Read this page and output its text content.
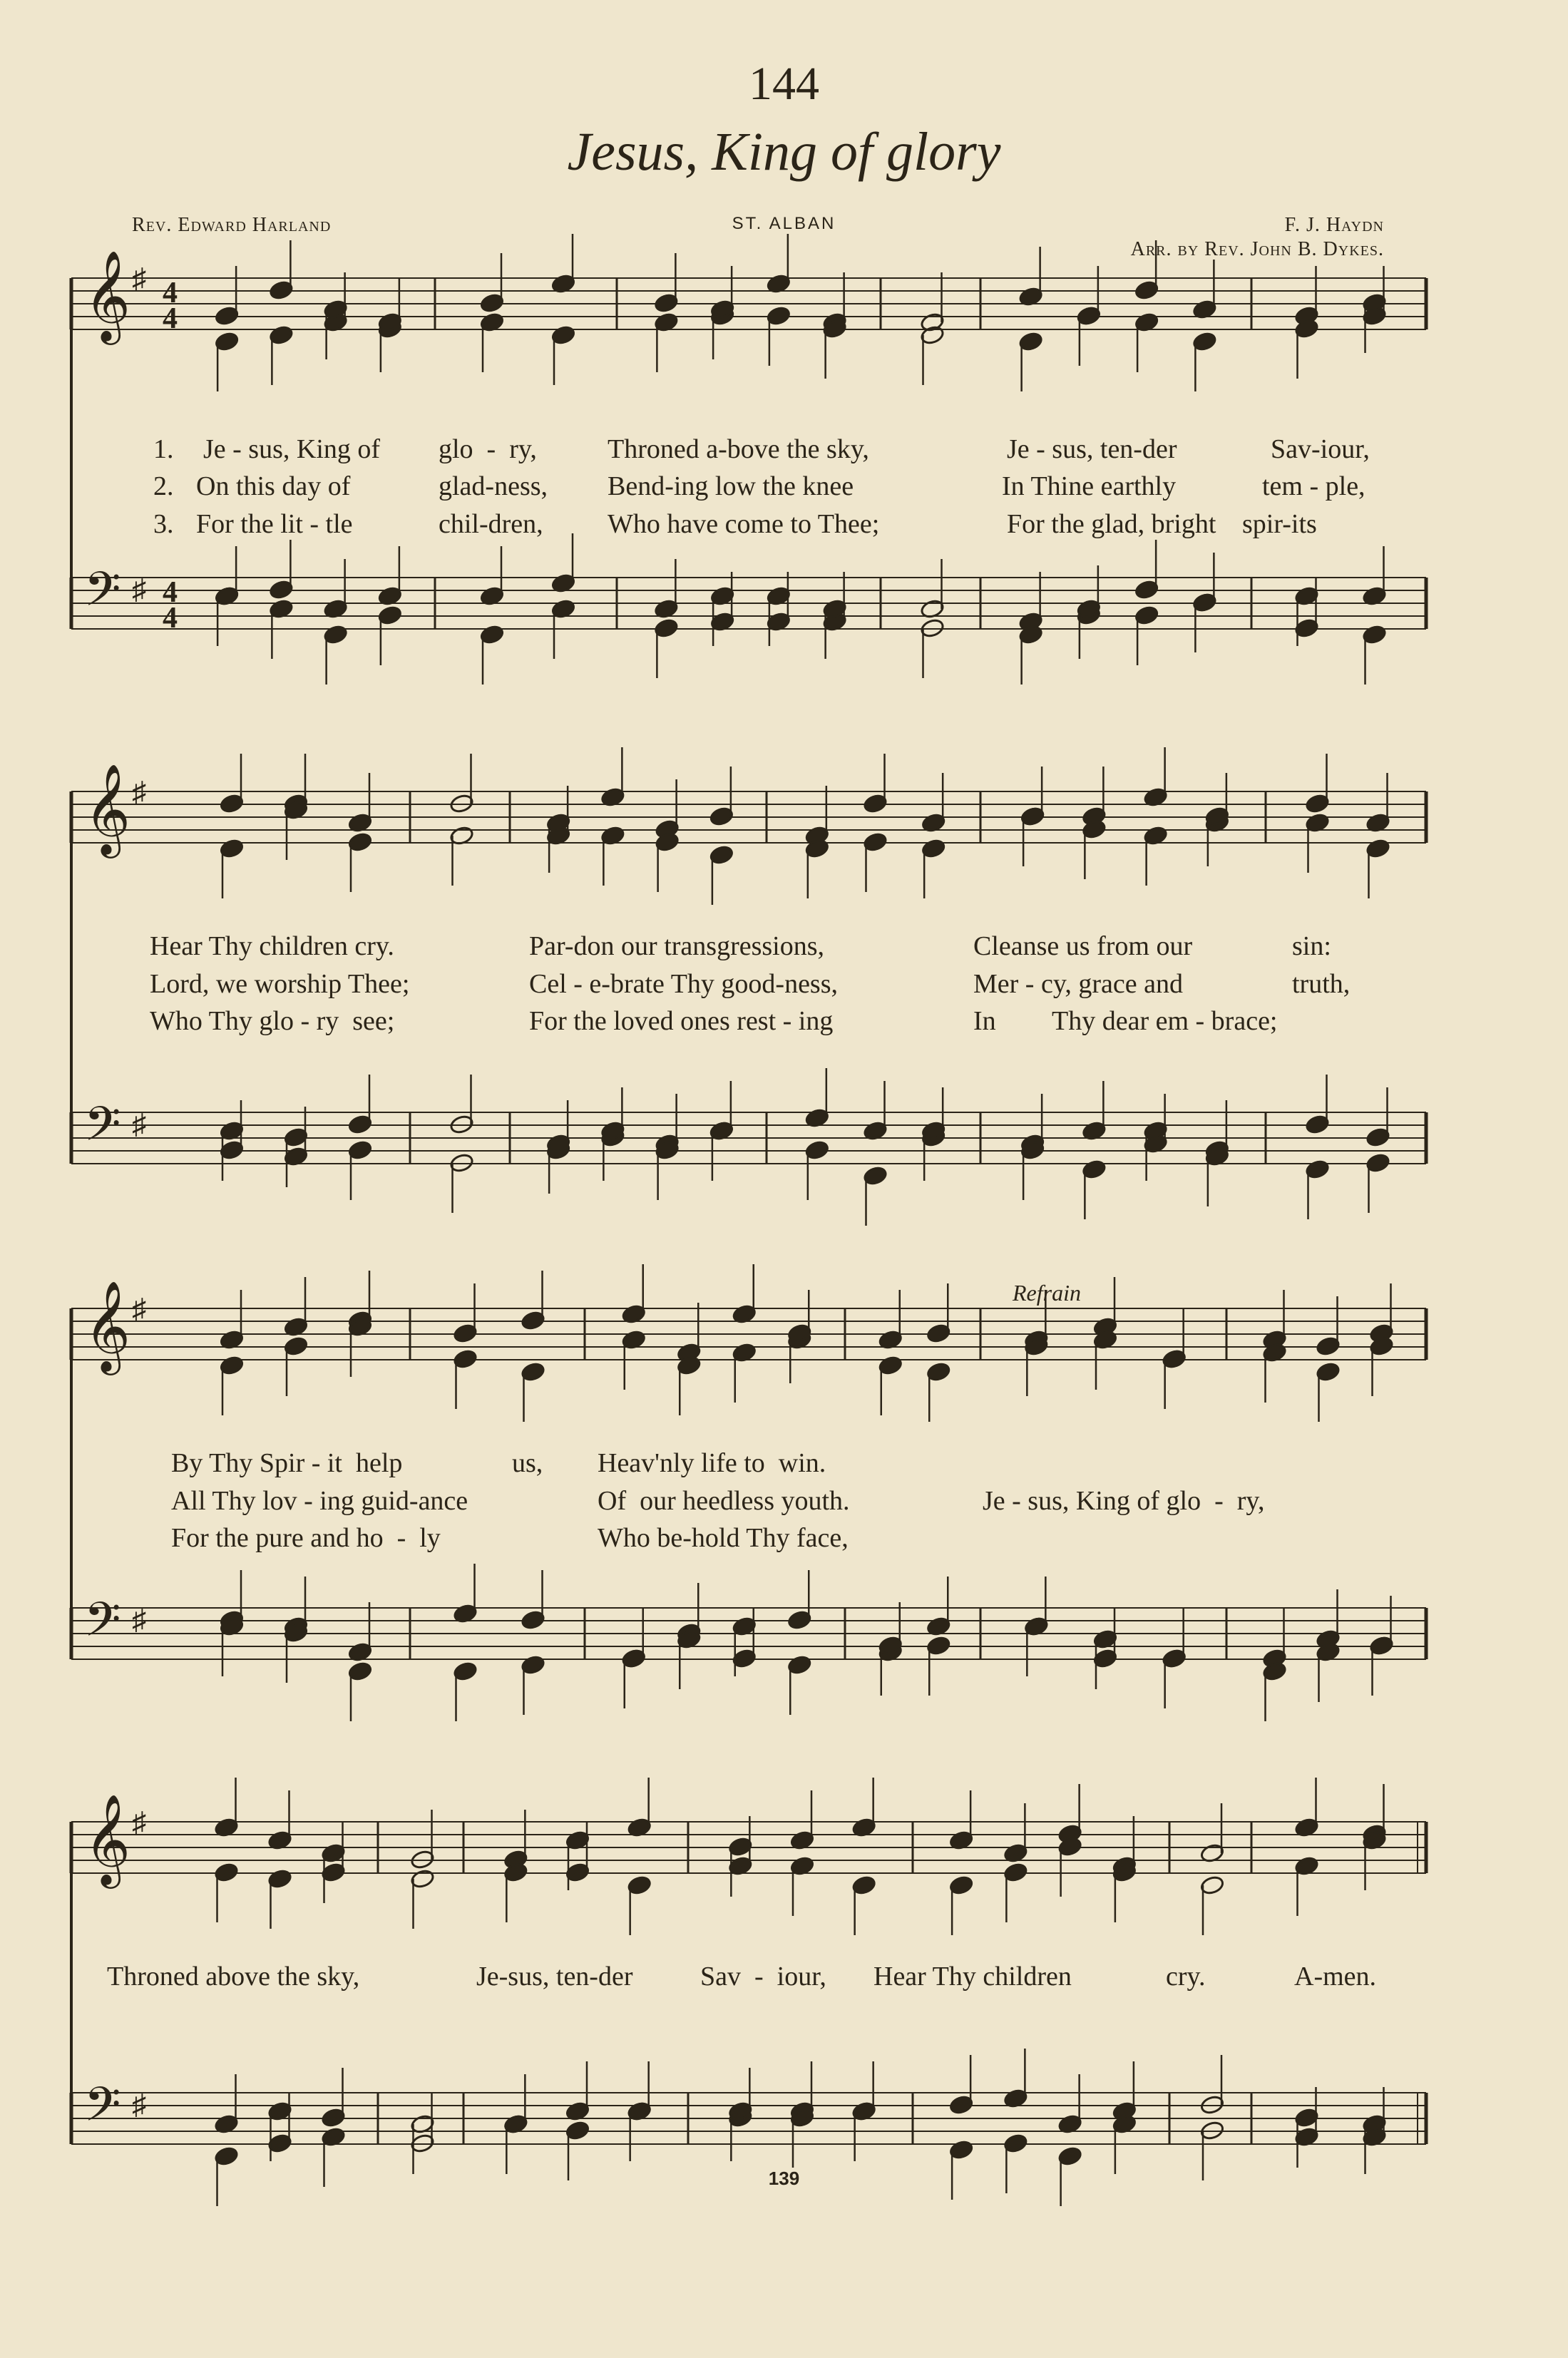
144
Jesus, King of glory
Rev. Edward Harland	ST. ALBAN	F. J. Haydn
Arr. by Rev. John B. Dykes.
𝄞 ♯ 4
4
𝄢 ♯ 4
4
𝄞 ♯
𝄢 ♯
𝄞 ♯
𝄢 ♯
𝄞 ♯
𝄢 ♯
Refrain
1. Je - sus, King of glo  -  ry,	Throned a-bove the sky,	Je - sus, ten-der	Sav-iour,
2. On this day of	glad-ness, Bend-ing low the knee	In Thine earthly	tem - ple,
3. For the lit - tle	chil-dren, Who have come to Thee;	For the glad, bright spir-its
Hear Thy children cry.	Par-don our transgressions,	Cleanse us from our	sin:
Lord, we worship Thee;	Cel - e-brate Thy good-ness,	Mer - cy, grace and	truth,
Who Thy glo - ry  see;	For the loved ones rest - ing	In Thy dear em - brace;
By Thy Spir - it  help	us, Heav'nly life to  win.
All Thy lov - ing guid-ance	Of  our heedless youth.	Je - sus, King of glo  -  ry,
For the pure and ho  -  ly	Who be-hold Thy face,
Throned above the sky,	Je-sus, ten-der Sav  -  iour, Hear Thy children	cry.	A-men.
139
